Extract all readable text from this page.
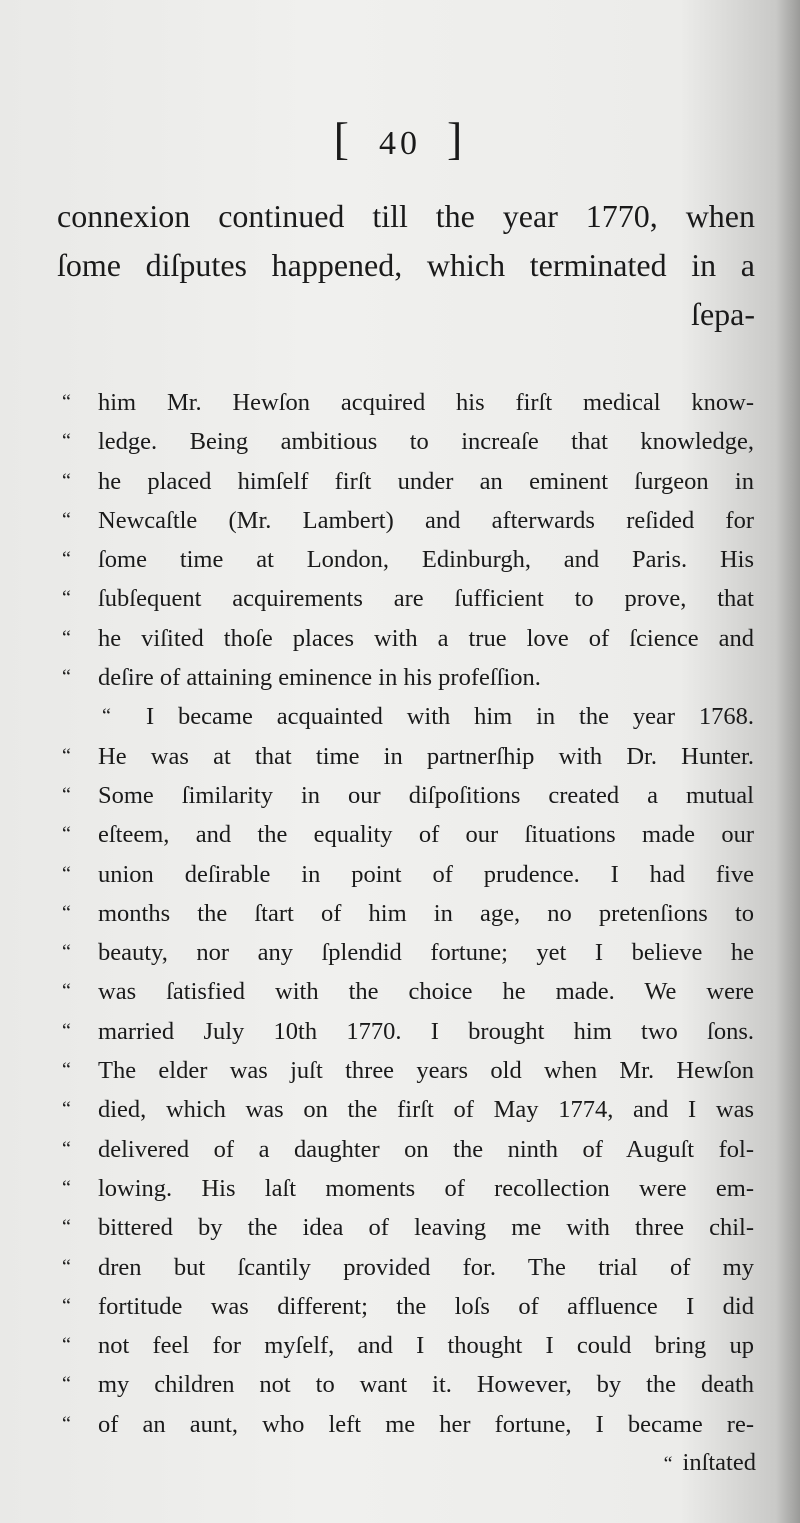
[ 40 ]
connexion continued till the year 1770, when
ſome diſputes happened, which terminated in a
ſepa-
“	him Mr. Hewſon acquired his firſt medical know-
“	ledge. Being ambitious to increaſe that knowledge,
“	he placed himſelf firſt under an eminent ſurgeon in
“	Newcaſtle (Mr. Lambert) and afterwards reſided for
“	ſome time at London, Edinburgh, and Paris. His
“	ſubſequent acquirements are ſufficient to prove, that
“	he viſited thoſe places with a true love of ſcience and
“	deſire of attaining eminence in his profeſſion.
“	I became acquainted with him in the year 1768.
“	He was at that time in partnerſhip with Dr. Hunter.
“	Some ſimilarity in our diſpoſitions created a mutual
“	eſteem, and the equality of our ſituations made our
“	union deſirable in point of prudence. I had five
“	months the ſtart of him in age, no pretenſions to
“	beauty, nor any ſplendid fortune; yet I believe he
“	was ſatisfied with the choice he made. We were
“	married July 10th 1770. I brought him two ſons.
“	The elder was juſt three years old when Mr. Hewſon
“	died, which was on the firſt of May 1774, and I was
“	delivered of a daughter on the ninth of Auguſt fol-
“	lowing. His laſt moments of recollection were em-
“	bittered by the idea of leaving me with three chil-
“	dren but ſcantily provided for. The trial of my
“	fortitude was different; the loſs of affluence I did
“	not feel for myſelf, and I thought I could bring up
“	my children not to want it. However, by the death
“	of an aunt, who left me her fortune, I became re-
“ inſtated
